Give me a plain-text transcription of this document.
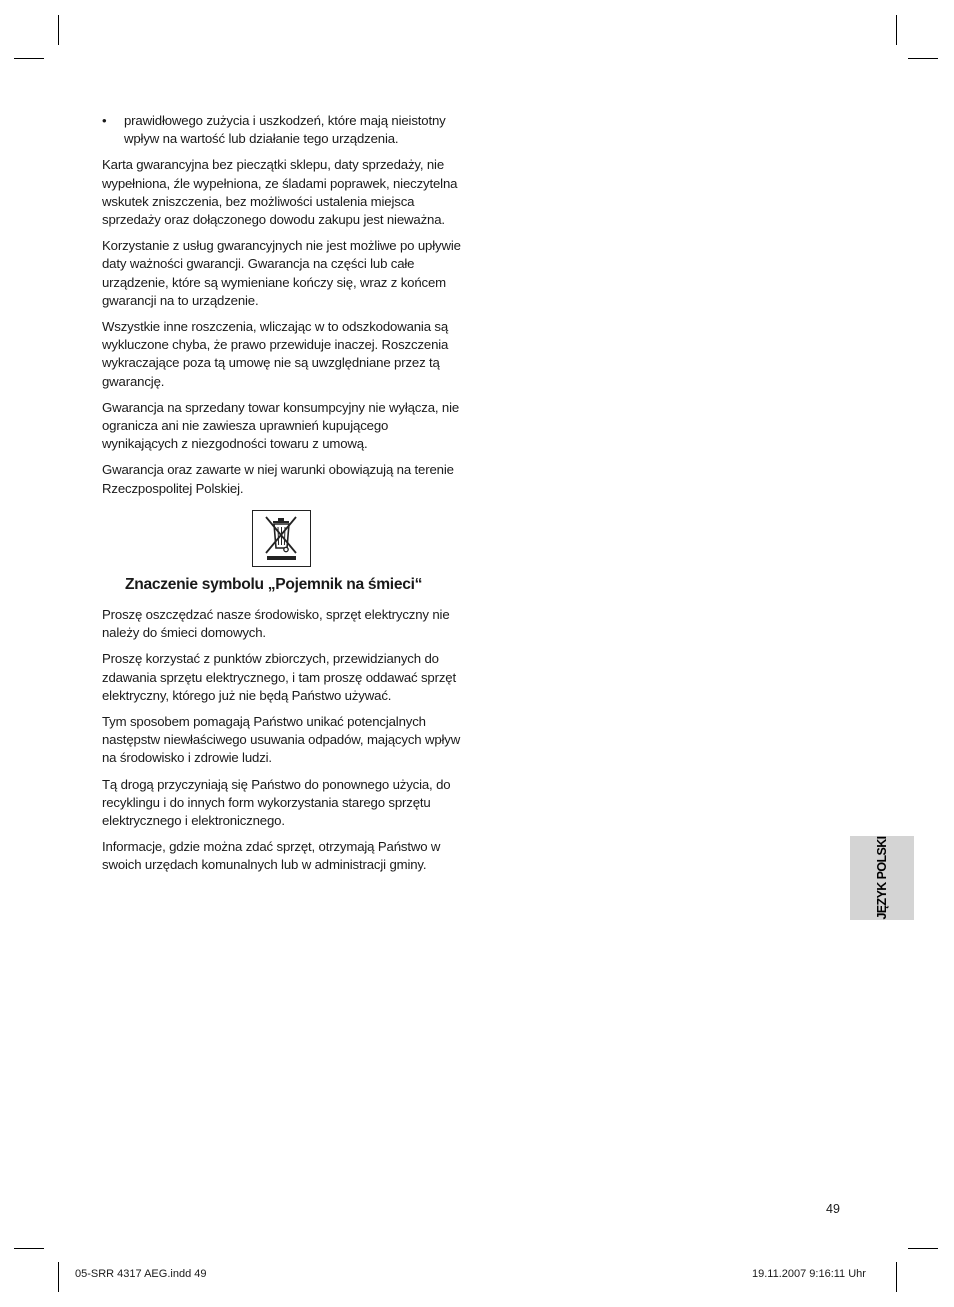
• prawidłowego zużycia i uszkodzeń, które mają nieistotny wpływ na wartość lub działanie tego urządzenia.

Karta gwarancyjna bez pieczątki sklepu, daty sprzedaży, nie wypełniona, źle wypełniona, ze śladami poprawek, nieczytelna wskutek zniszczenia, bez możliwości ustalenia miejsca sprzedaży oraz dołączonego dowodu zakupu jest nieważna.

Korzystanie z usług gwarancyjnych nie jest możliwe po upływie daty ważności gwarancji. Gwarancja na części lub całe urządzenie, które są wymieniane kończy się, wraz z końcem gwarancji na to urządzenie.

Wszystkie inne roszczenia, wliczając w to odszkodowania są wykluczone chyba, że prawo przewiduje inaczej. Roszczenia wykraczające poza tą umowę nie są uwzględniane przez tą gwarancję.

Gwarancja na sprzedany towar konsumpcyjny nie wyłącza, nie ogranicza ani nie zawiesza uprawnień kupującego wynikających z niezgodności towaru z umową.

Gwarancja oraz zawarte w niej warunki obowiązują na terenie Rzeczpospolitej Polskiej.

Znaczenie symbolu „Pojemnik na śmieci“

Proszę oszczędzać nasze środowisko, sprzęt elektryczny nie należy do śmieci domowych.

Proszę korzystać z punktów zbiorczych, przewidzianych do zdawania sprzętu elektrycznego, i tam proszę oddawać sprzęt elektryczny, którego już nie będą Państwo używać.

Tym sposobem pomagają Państwo unikać potencjalnych następstw niewłaściwego usuwania odpadów, mających wpływ na środowisko i zdrowie ludzi.

Tą drogą przyczyniają się Państwo do ponownego użycia, do recyklingu i do innych form wykorzystania starego sprzętu elektrycznego i elektronicznego.

Informacje, gdzie można zdać sprzęt, otrzymają Państwo w swoich urzędach komunalnych lub w administracji gminy.	JĘZYK POLSKI
49
05-SRR 4317 AEG.indd 49	19.11.2007 9:16:11 Uhr
